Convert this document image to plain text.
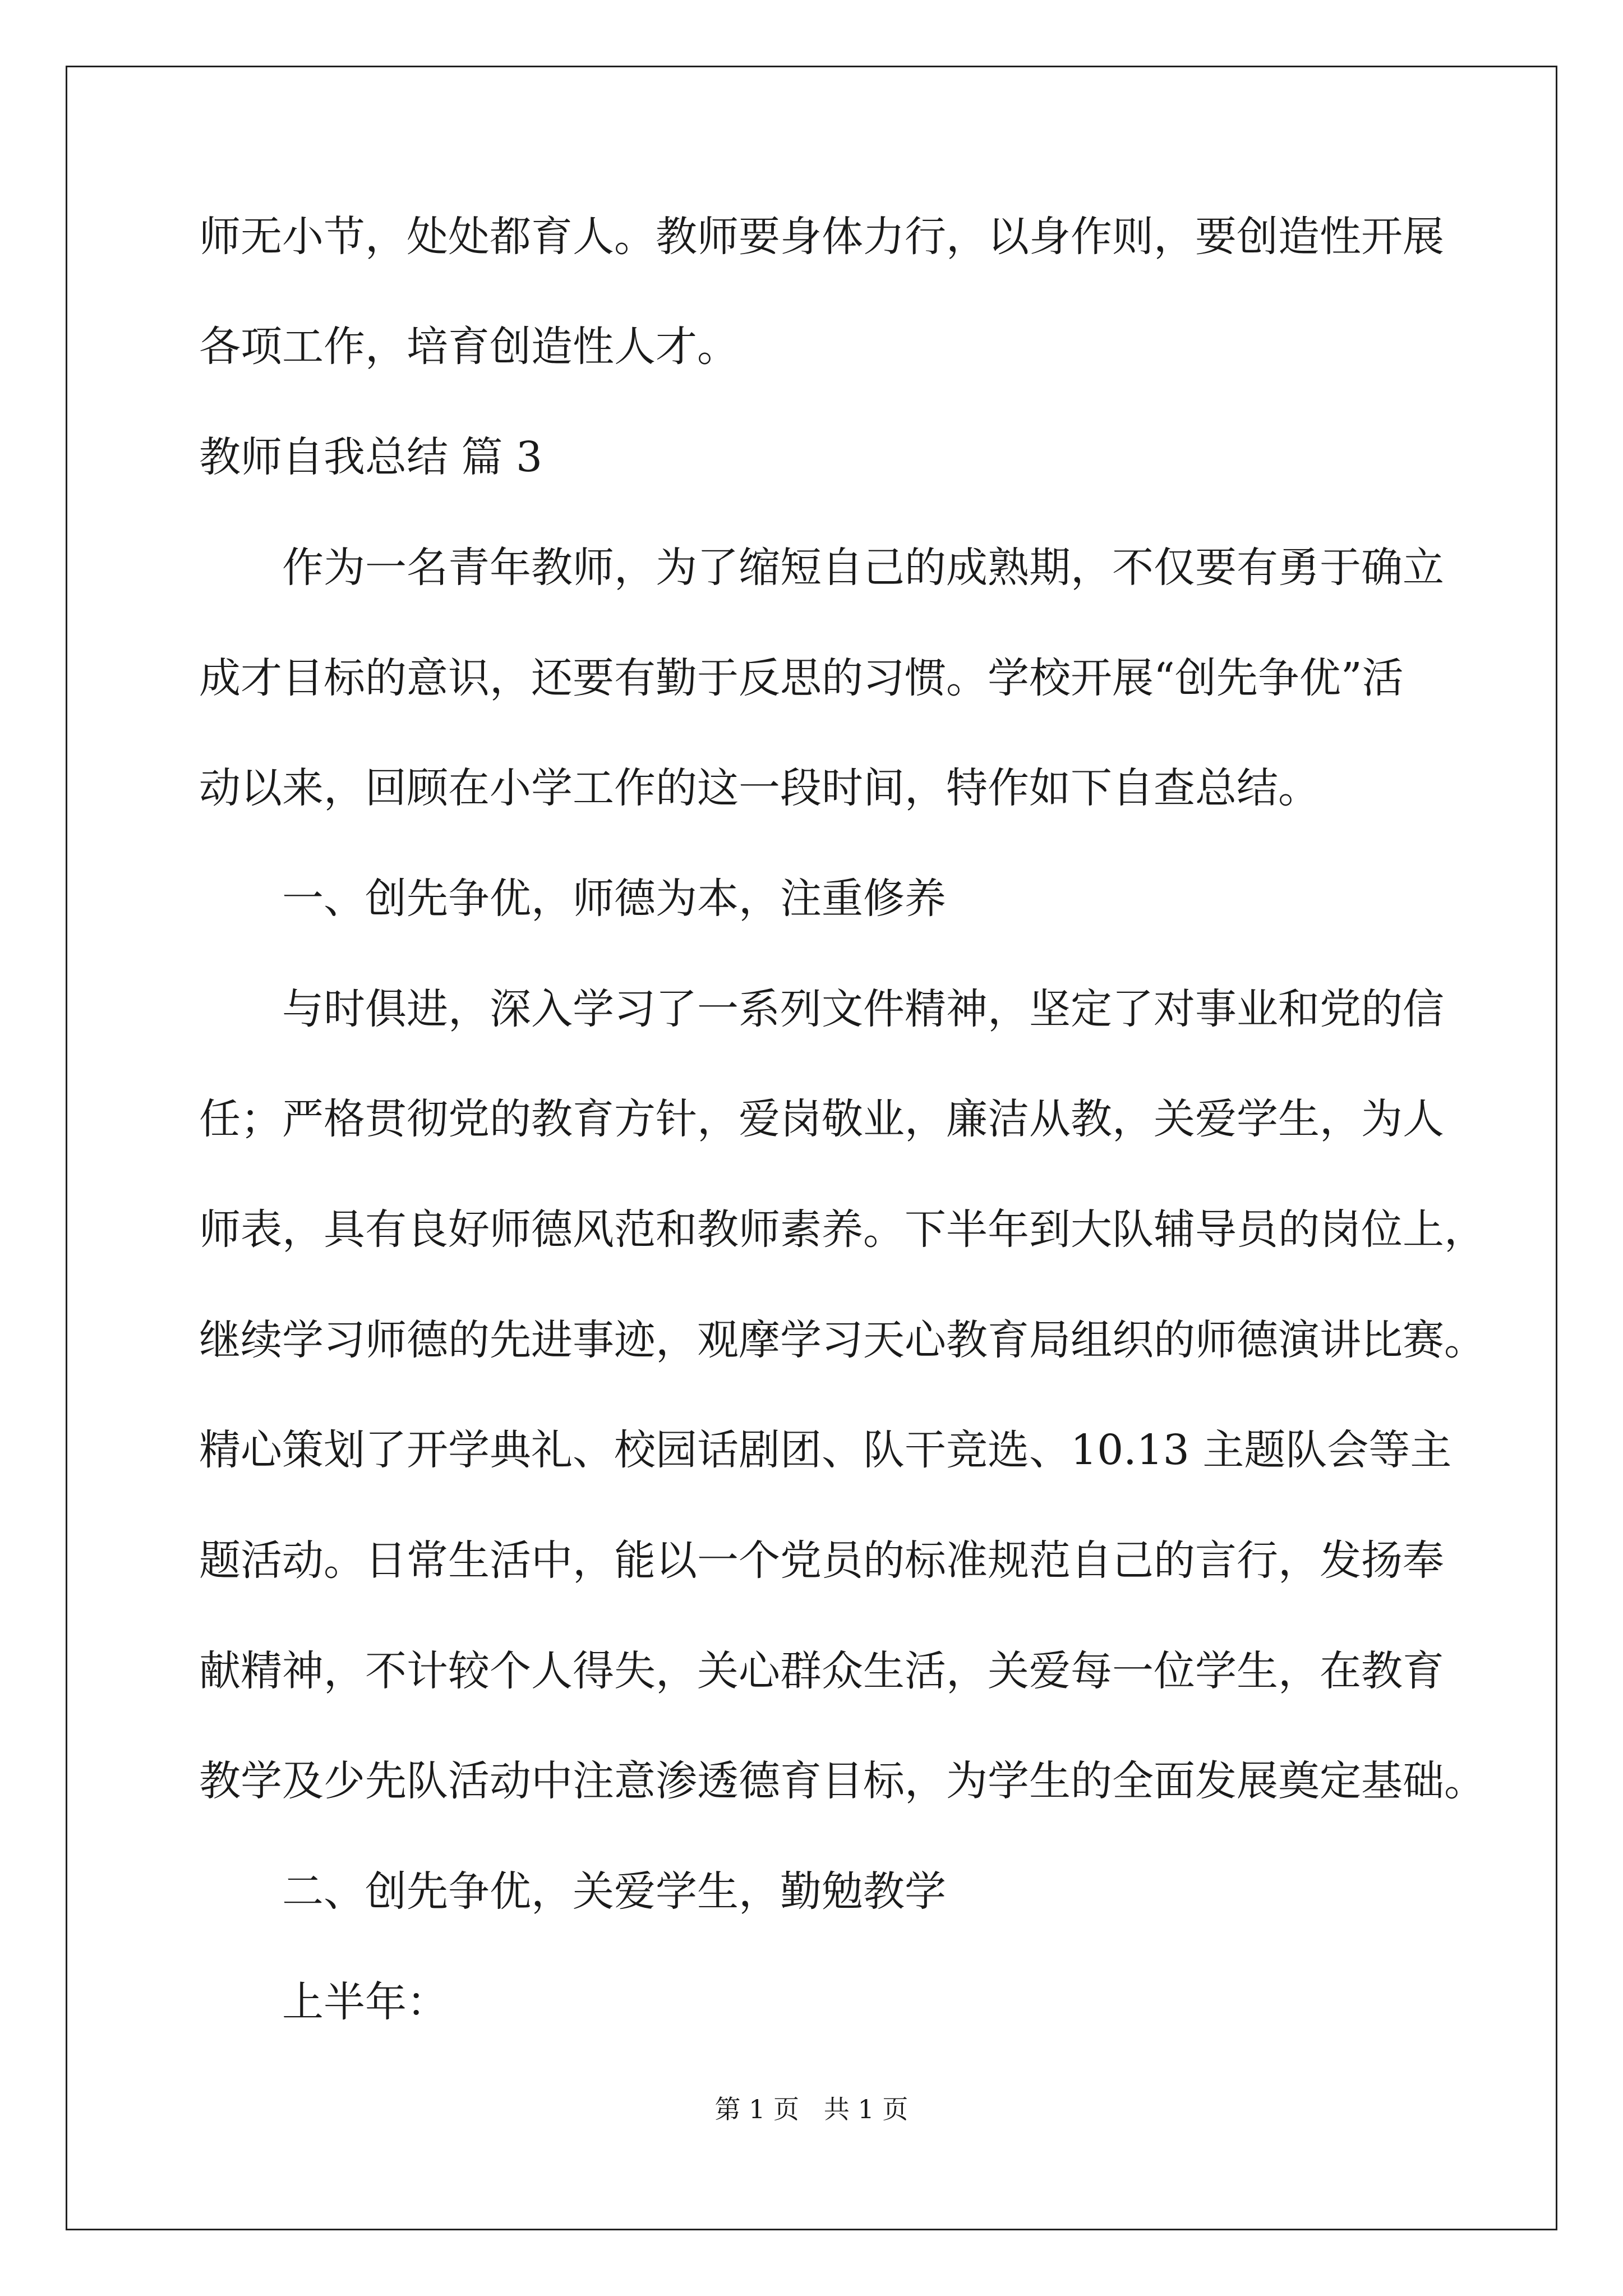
师无小节，处处都育人。教师要身体力行，以身作则，要创造性开展
各项工作，培育创造性人才。
教师自我总结 篇 3
作为一名青年教师，为了缩短自己的成熟期，不仅要有勇于确立
成才目标的意识，还要有勤于反思的习惯。学校开展“创先争优”活
动以来，回顾在小学工作的这一段时间，特作如下自查总结。
一、创先争优，师德为本，注重修养
与时俱进，深入学习了一系列文件精神，坚定了对事业和党的信
任；严格贯彻党的教育方针，爱岗敬业，廉洁从教，关爱学生，为人
师表，具有良好师德风范和教师素养。下半年到大队辅导员的岗位上，
继续学习师德的先进事迹，观摩学习天心教育局组织的师德演讲比赛。
精心策划了开学典礼、校园话剧团、队干竞选、10.13 主题队会等主
题活动。日常生活中，能以一个党员的标准规范自己的言行，发扬奉
献精神，不计较个人得失，关心群众生活，关爱每一位学生，在教育
教学及少先队活动中注意渗透德育目标，为学生的全面发展奠定基础。
二、创先争优，关爱学生，勤勉教学
上半年：
第 1 页   共 1 页
